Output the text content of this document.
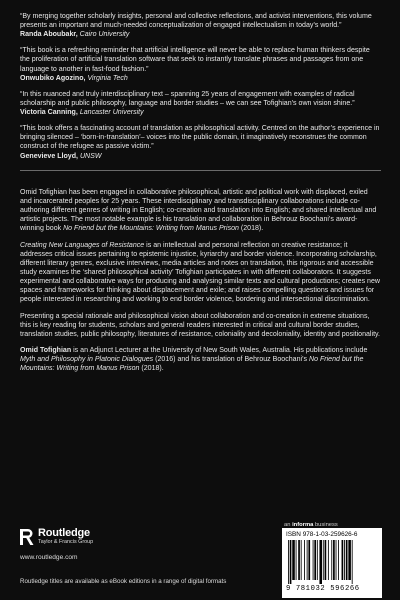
“By merging together scholarly insights, personal and collective reflections, and activist interventions, this volume presents an important and much-needed conceptualization of engaged intellectualism in today’s world.”
Randa Aboubakr, Cairo University
“This book is a refreshing reminder that artificial intelligence will never be able to replace human thinkers despite the proliferation of artificial translation software that seek to instantly translate phrases and passages from one language to another in fast-food fashion.”
Onwubiko Agozino, Virginia Tech
“In this nuanced and truly interdisciplinary text – spanning 25 years of engagement with examples of radical scholarship and public philosophy, language and border studies – we can see Tofighian’s own vision shine.”
Victoria Canning, Lancaster University
“This book offers a fascinating account of translation as philosophical activity. Centred on the author’s experience in bringing silenced – ‘born-in-translation’– voices into the public domain, it imaginatively reconstrues the common construct of the refugee as passive victim.”
Genevieve Lloyd, UNSW

Omid Tofighian has been engaged in collaborative philosophical, artistic and political work with displaced, exiled and incarcerated peoples for 25 years. These interdisciplinary and transdisciplinary collaborations include co-authoring different genres of writing in English; co-creation and translation into English; and shared intellectual and artistic projects. The most notable example is his translation and collaboration in Behrouz Boochani’s award-winning book No Friend but the Mountains: Writing from Manus Prison (2018).

Creating New Languages of Resistance is an intellectual and personal reflection on creative resistance; it addresses critical issues pertaining to epistemic injustice, kyriarchy and border violence. Incorporating scholarship, different literary genres, exclusive interviews, media articles and notes on translation, this rigorous and accessible study examines the ‘shared philosophical activity’ Tofighian participates in with different collaborators. It suggests experimental and collaborative ways for producing and analysing similar texts and cultural productions; creates new spaces and frameworks for thinking about displacement and exile; and raises compelling questions and issues for people interested in researching and working to end border violence, bordering and intersectional discrimination.

Presenting a special rationale and philosophical vision about collaboration and co-creation in extreme situations, this is key reading for students, scholars and general readers interested in critical and cultural border studies, translation studies, public philosophy, literatures of resistance, coloniality and decoloniality, identity and positionality.

Omid Tofighian is an Adjunct Lecturer at the University of New South Wales, Australia. His publications include Myth and Philosophy in Platonic Dialogues (2016) and his translation of Behrouz Boochani’s No Friend but the Mountains: Writing from Manus Prison (2018).

Routledge
Taylor & Francis Group
www.routledge.com
Routledge titles are available as eBook editions in a range of digital formats
an informa business
ISBN 978-1-03-259626-6
9 781032 596266
